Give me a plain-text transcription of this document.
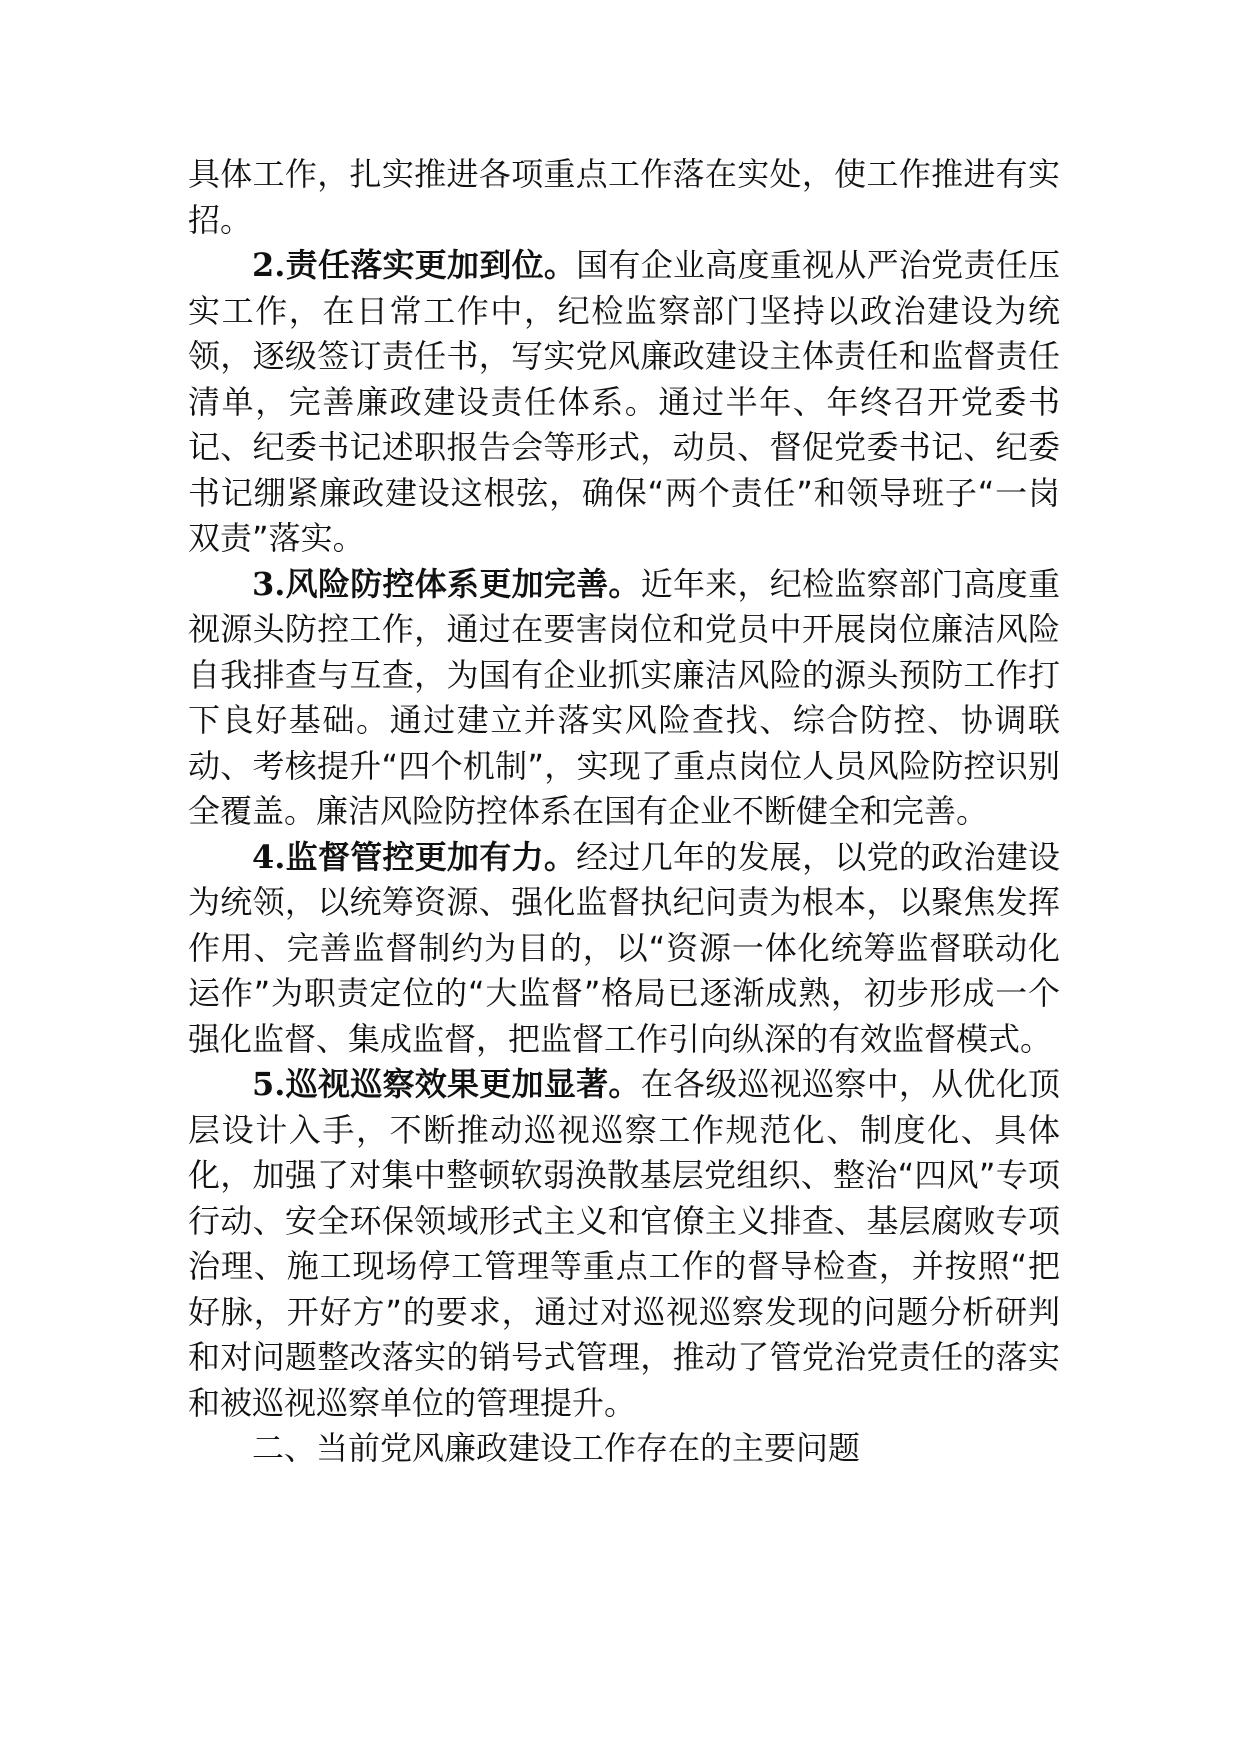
具体工作，扎实推进各项重点工作落在实处，使工作推进有实招。

2.责任落实更加到位。国有企业高度重视从严治党责任压实工作，在日常工作中，纪检监察部门坚持以政治建设为统领，逐级签订责任书，写实党风廉政建设主体责任和监督责任清单，完善廉政建设责任体系。通过半年、年终召开党委书记、纪委书记述职报告会等形式，动员、督促党委书记、纪委书记绷紧廉政建设这根弦，确保“两个责任”和领导班子“一岗双责”落实。

3.风险防控体系更加完善。近年来，纪检监察部门高度重视源头防控工作，通过在要害岗位和党员中开展岗位廉洁风险自我排查与互查，为国有企业抓实廉洁风险的源头预防工作打下良好基础。通过建立并落实风险查找、综合防控、协调联动、考核提升“四个机制”，实现了重点岗位人员风险防控识别全覆盖。廉洁风险防控体系在国有企业不断健全和完善。

4.监督管控更加有力。经过几年的发展，以党的政治建设为统领，以统筹资源、强化监督执纪问责为根本，以聚焦发挥作用、完善监督制约为目的，以“资源一体化统筹监督联动化运作”为职责定位的“大监督”格局已逐渐成熟，初步形成一个强化监督、集成监督，把监督工作引向纵深的有效监督模式。

5.巡视巡察效果更加显著。在各级巡视巡察中，从优化顶层设计入手，不断推动巡视巡察工作规范化、制度化、具体化，加强了对集中整顿软弱涣散基层党组织、整治“四风”专项行动、安全环保领域形式主义和官僚主义排查、基层腐败专项治理、施工现场停工管理等重点工作的督导检查，并按照“把好脉，开好方”的要求，通过对巡视巡察发现的问题分析研判和对问题整改落实的销号式管理，推动了管党治党责任的落实和被巡视巡察单位的管理提升。

二、当前党风廉政建设工作存在的主要问题
